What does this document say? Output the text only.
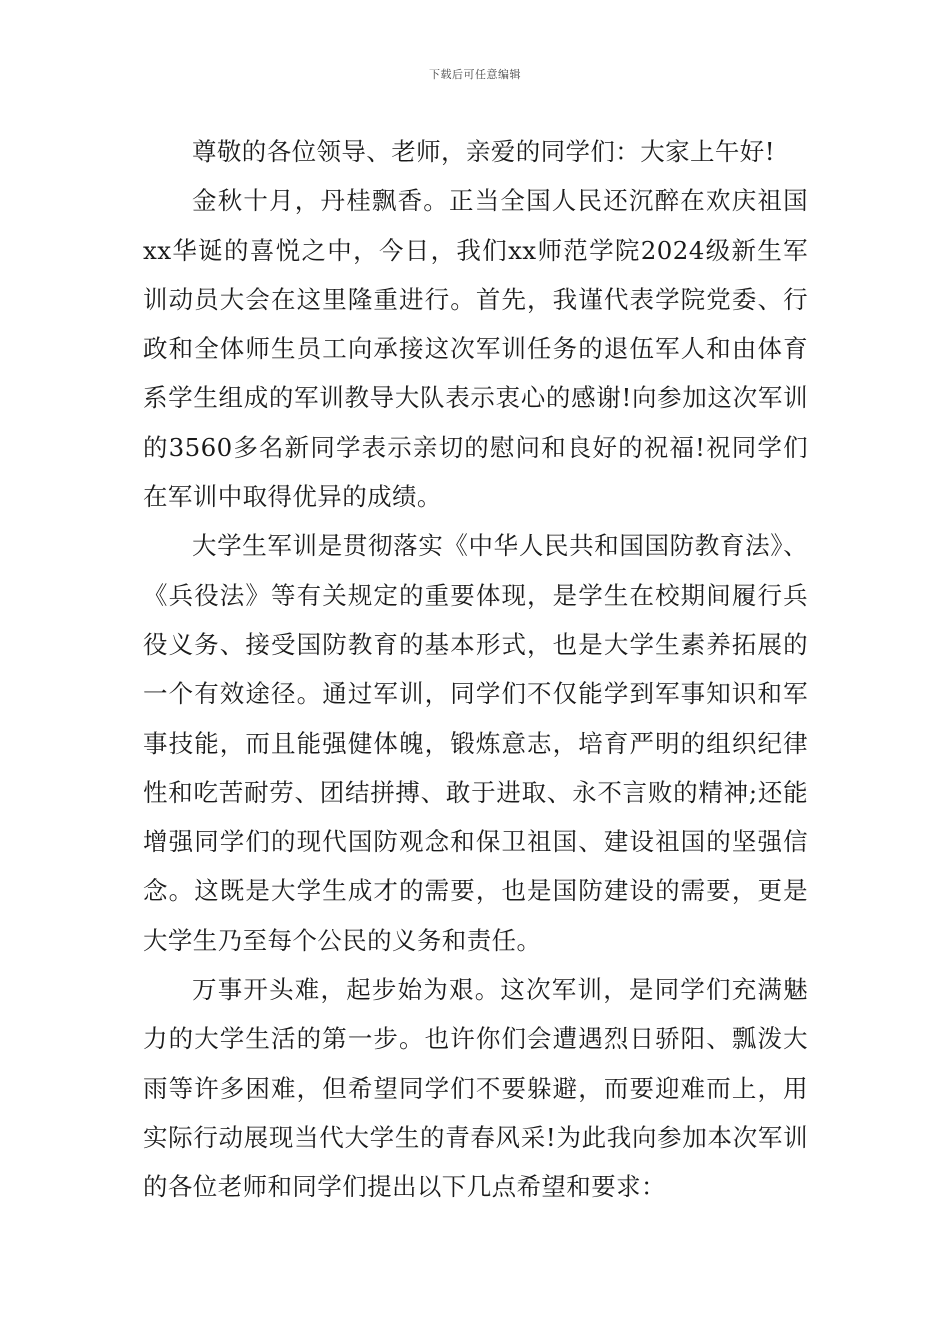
下载后可任意编辑

尊敬的各位领导、老师，亲爱的同学们：大家上午好!

金秋十月，丹桂飘香。正当全国人民还沉醉在欢庆祖国xx华诞的喜悦之中，今日，我们xx师范学院2024级新生军训动员大会在这里隆重进行。首先，我谨代表学院党委、行政和全体师生员工向承接这次军训任务的退伍军人和由体育系学生组成的军训教导大队表示衷心的感谢!向参加这次军训的3560多名新同学表示亲切的慰问和良好的祝福!祝同学们在军训中取得优异的成绩。

大学生军训是贯彻落实《中华人民共和国国防教育法》、《兵役法》等有关规定的重要体现，是学生在校期间履行兵役义务、接受国防教育的基本形式，也是大学生素养拓展的一个有效途径。通过军训，同学们不仅能学到军事知识和军事技能，而且能强健体魄，锻炼意志，培育严明的组织纪律性和吃苦耐劳、团结拼搏、敢于进取、永不言败的精神;还能增强同学们的现代国防观念和保卫祖国、建设祖国的坚强信念。这既是大学生成才的需要，也是国防建设的需要，更是大学生乃至每个公民的义务和责任。

万事开头难，起步始为艰。这次军训，是同学们充满魅力的大学生活的第一步。也许你们会遭遇烈日骄阳、瓢泼大雨等许多困难，但希望同学们不要躲避，而要迎难而上，用实际行动展现当代大学生的青春风采!为此我向参加本次军训的各位老师和同学们提出以下几点希望和要求：
